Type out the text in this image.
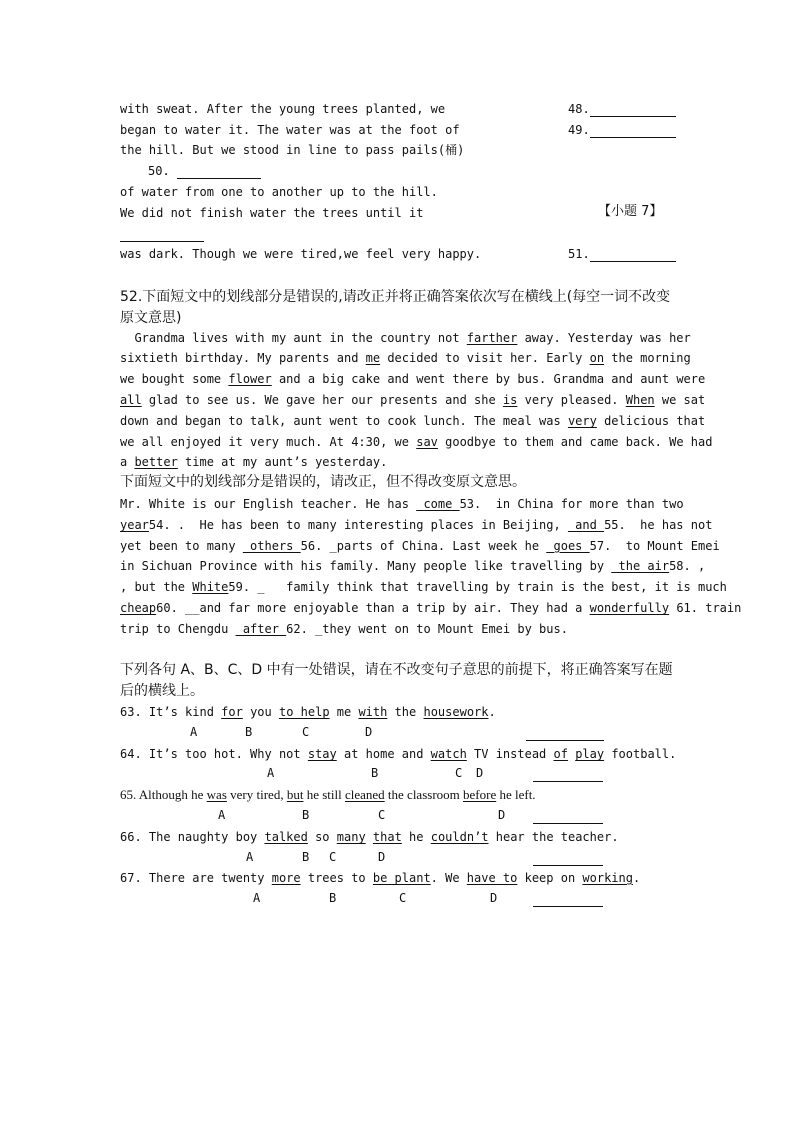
with sweat. After the young trees planted, we	48.
began to water it. The water was at the foot of	49.
the hill. But we stood in line to pass pails(桶)
50.
of water from one to another up to the hill.
We did not finish water the trees until it	【小题 7】
was dark. Though we were tired,we feel very happy.	51.
52.下面短文中的划线部分是错误的,请改正并将正确答案依次写在横线上(每空一词不改变原文意思)
Grandma lives with my aunt in the country not farther away. Yesterday was her
sixtieth birthday. My parents and me decided to visit her. Early on the morning
we bought some flower and a big cake and went there by bus. Grandma and aunt were
all glad to see us. We gave her our presents and she is very pleased. When we sat
down and began to talk, aunt went to cook lunch. The meal was very delicious that
we all enjoyed it very much. At 4:30, we sav goodbye to them and came back. We had
a better time at my aunt’s yesterday.
下面短文中的划线部分是错误的，请改正，但不得改变原文意思。
Mr. White is our English teacher. He has  come 53.  in China for more than two
year54. .  He has been to many interesting places in Beijing,  and 55.  he has not
yet been to many  others 56. _parts of China. Last week he  goes 57.  to Mount Emei
in Sichuan Province with his family. Many people like travelling by  the air58. ,
, but the White59. _   family think that travelling by train is the best, it is much
cheap60. __and far more enjoyable than a trip by air. They had a wonderfully 61. train
trip to Chengdu  after 62. _they went on to Mount Emei by bus.
下列各句 A、B、C、D 中有一处错误，请在不改变句子意思的前提下，将正确答案写在题后的横线上。
63. It’s kind for you to help me with the housework.
A	B	C	D
64. It’s too hot. Why not stay at home and watch TV instead of play football.
A	B	C D
65. Although he was very tired, but he still cleaned the classroom before he left.
A	B	C	D
66. The naughty boy talked so many that he couldn’t hear the teacher.
A	B C	D
67. There are twenty more trees to be plant. We have to keep on working.
A	B	C	D
